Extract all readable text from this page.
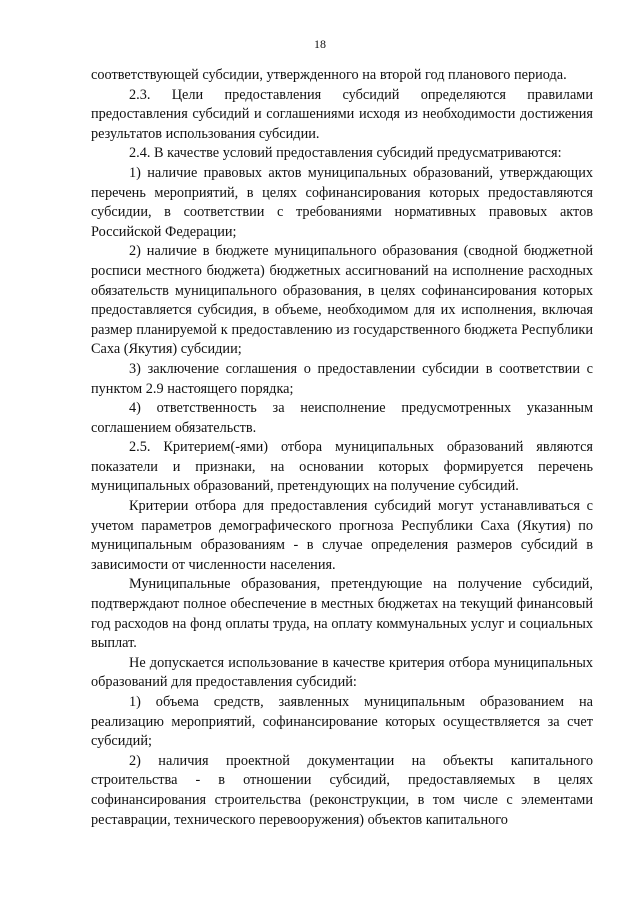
18

соответствующей субсидии, утвержденного на второй год планового периода.

2.3. Цели предоставления субсидий определяются правилами предоставления субсидий и соглашениями исходя из необходимости достижения результатов использования субсидии.

2.4. В качестве условий предоставления субсидий предусматриваются:

1) наличие правовых актов муниципальных образований, утверждающих перечень мероприятий, в целях софинансирования которых предоставляются субсидии, в соответствии с требованиями нормативных правовых актов Российской Федерации;

2) наличие в бюджете муниципального образования (сводной бюджетной росписи местного бюджета) бюджетных ассигнований на исполнение расходных обязательств муниципального образования, в целях софинансирования которых предоставляется субсидия, в объеме, необходимом для их исполнения, включая размер планируемой к предоставлению из государственного бюджета Республики Саха (Якутия) субсидии;

3) заключение соглашения о предоставлении субсидии в соответствии с пунктом 2.9 настоящего порядка;

4) ответственность за неисполнение предусмотренных указанным соглашением обязательств.

2.5. Критерием(-ями) отбора муниципальных образований являются показатели и признаки, на основании которых формируется перечень муниципальных образований, претендующих на получение субсидий.

Критерии отбора для предоставления субсидий могут устанавливаться с учетом параметров демографического прогноза Республики Саха (Якутия) по муниципальным образованиям - в случае определения размеров субсидий в зависимости от численности населения.

Муниципальные образования, претендующие на получение субсидий, подтверждают полное обеспечение в местных бюджетах на текущий финансовый год расходов на фонд оплаты труда, на оплату коммунальных услуг и социальных выплат.

Не допускается использование в качестве критерия отбора муниципальных образований для предоставления субсидий:

1) объема средств, заявленных муниципальным образованием на реализацию мероприятий, софинансирование которых осуществляется за счет субсидий;

2) наличия проектной документации на объекты капитального строительства - в отношении субсидий, предоставляемых в целях софинансирования строительства (реконструкции, в том числе с элементами реставрации, технического перевооружения) объектов капитального
